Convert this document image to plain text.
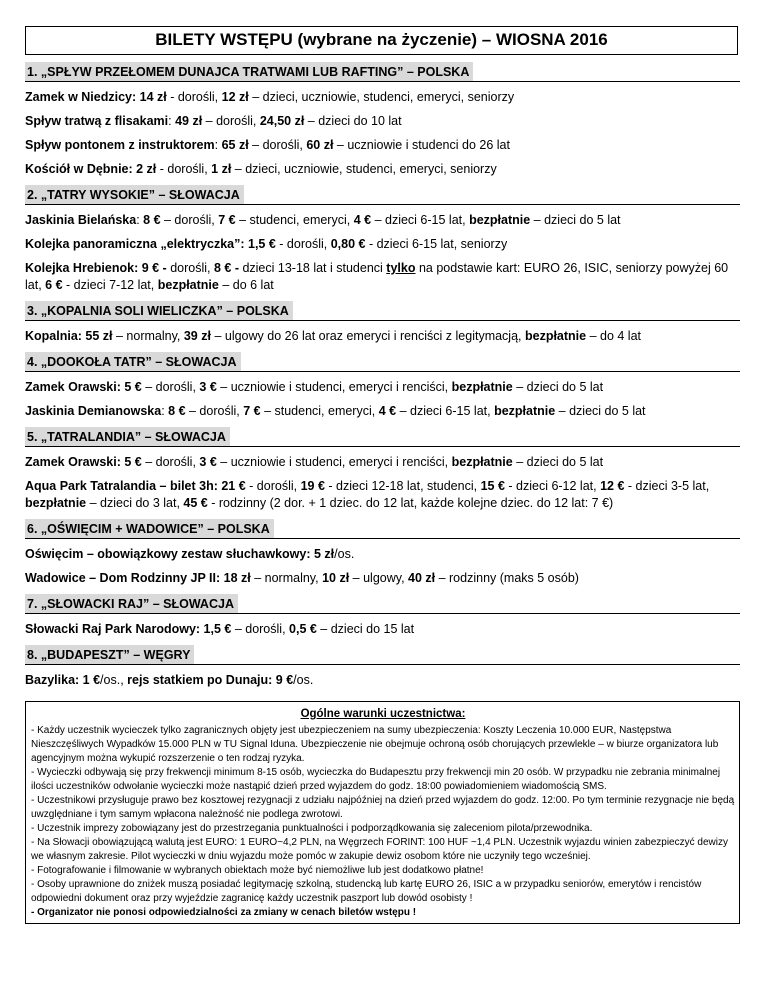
BILETY WSTĘPU (wybrane na życzenie) – WIOSNA 2016
1. „SPŁYW PRZEŁOMEM DUNAJCA TRATWAMI LUB RAFTING” – POLSKA
Zamek w Niedzicy: 14 zł - dorośli, 12 zł – dzieci, uczniowie, studenci, emeryci, seniorzy
Spływ tratwą z flisakami: 49 zł – dorośli, 24,50 zł – dzieci do 10 lat
Spływ pontonem z instruktorem: 65 zł – dorośli, 60 zł – uczniowie i studenci do 26 lat
Kościół w Dębnie: 2 zł - dorośli, 1 zł – dzieci, uczniowie, studenci, emeryci, seniorzy
2. „TATRY WYSOKIE” – SŁOWACJA
Jaskinia Bielańska: 8 € – dorośli, 7 € – studenci, emeryci, 4 € – dzieci 6-15 lat, bezpłatnie – dzieci do 5 lat
Kolejka panoramiczna „elektryczka”: 1,5 € - dorośli, 0,80 € - dzieci 6-15 lat, seniorzy
Kolejka Hrebienok: 9 € - dorośli, 8 € - dzieci 13-18 lat i studenci tylko na podstawie kart: EURO 26, ISIC, seniorzy powyżej 60 lat, 6 € - dzieci 7-12 lat, bezpłatnie – do 6 lat
3. „KOPALNIA SOLI WIELICZKA” – POLSKA
Kopalnia: 55 zł – normalny, 39 zł – ulgowy do 26 lat oraz emeryci i renciści z legitymacją, bezpłatnie – do 4 lat
4. „DOOKOŁA TATR” – SŁOWACJA
Zamek Orawski: 5 € – dorośli, 3 € – uczniowie i studenci, emeryci i renciści, bezpłatnie – dzieci do 5 lat
Jaskinia Demianowska: 8 € – dorośli, 7 € – studenci, emeryci, 4 € – dzieci 6-15 lat, bezpłatnie – dzieci do 5 lat
5. „TATRALANDIA” – SŁOWACJA
Zamek Orawski: 5 € – dorośli, 3 € – uczniowie i studenci, emeryci i renciści, bezpłatnie – dzieci do 5 lat
Aqua Park Tatralandia – bilet 3h: 21 € - dorośli, 19 € - dzieci 12-18 lat, studenci, 15 € - dzieci 6-12 lat, 12 € - dzieci 3-5 lat, bezpłatnie – dzieci do 3 lat, 45 € - rodzinny (2 dor. + 1 dziec. do 12 lat, każde kolejne dziec. do 12 lat: 7 €)
6. „OŚWIĘCIM + WADOWICE” – POLSKA
Oświęcim – obowiązkowy zestaw słuchawkowy: 5 zł/os.
Wadowice – Dom Rodzinny JP II: 18 zł – normalny, 10 zł – ulgowy, 40 zł – rodzinny (maks 5 osób)
7. „SŁOWACKI RAJ” – SŁOWACJA
Słowacki Raj Park Narodowy: 1,5 € – dorośli, 0,5 € – dzieci do 15 lat
8. „BUDAPESZT” – WĘGRY
Bazylika: 1 €/os., rejs statkiem po Dunaju: 9 €/os.
Ogólne warunki uczestnictwa:
- Każdy uczestnik wycieczek tylko zagranicznych objęty jest ubezpieczeniem na sumy ubezpieczenia: Koszty Leczenia 10.000 EUR, Następstwa Nieszczęśliwych Wypadków 15.000 PLN w TU Signal Iduna. Ubezpieczenie nie obejmuje ochroną osób chorujących przewlekle – w biurze organizatora lub agencyjnym można wykupić rozszerzenie o ten rodzaj ryzyka.
- Wycieczki odbywają się przy frekwencji minimum 8-15 osób, wycieczka do Budapesztu przy frekwencji min 20 osób. W przypadku nie zebrania minimalnej ilości uczestników odwołanie wycieczki może nastąpić dzień przed wyjazdem do godz. 18:00 powiadomieniem wiadomością SMS.
- Uczestnikowi przysługuje prawo bez kosztowej rezygnacji z udziału najpóźniej na dzień przed wyjazdem do godz. 12:00. Po tym terminie rezygnacje nie będą uwzględniane i tym samym wpłacona należność nie podlega zwrotowi.
- Uczestnik imprezy zobowiązany jest do przestrzegania punktualności i podporządkowania się zaleceniom pilota/przewodnika.
- Na Słowacji obowiązującą walutą jest EURO: 1 EURO~4,2 PLN, na Węgrzech FORINT: 100 HUF ~1,4 PLN. Uczestnik wyjazdu winien zabezpieczyć dewizy we własnym zakresie. Pilot wycieczki w dniu wyjazdu może pomóc w zakupie dewiz osobom które nie uczyniły tego wcześniej.
- Fotografowanie i filmowanie w wybranych obiektach może być niemożliwe lub jest dodatkowo płatne!
- Osoby uprawnione do zniżek muszą posiadać legitymację szkolną, studencką lub kartę EURO 26, ISIC a w przypadku seniorów, emerytów i rencistów odpowiedni dokument oraz przy wyjeździe zagranicę każdy uczestnik paszport lub dowód osobisty !
- Organizator nie ponosi odpowiedzialności za zmiany w cenach biletów wstępu !
